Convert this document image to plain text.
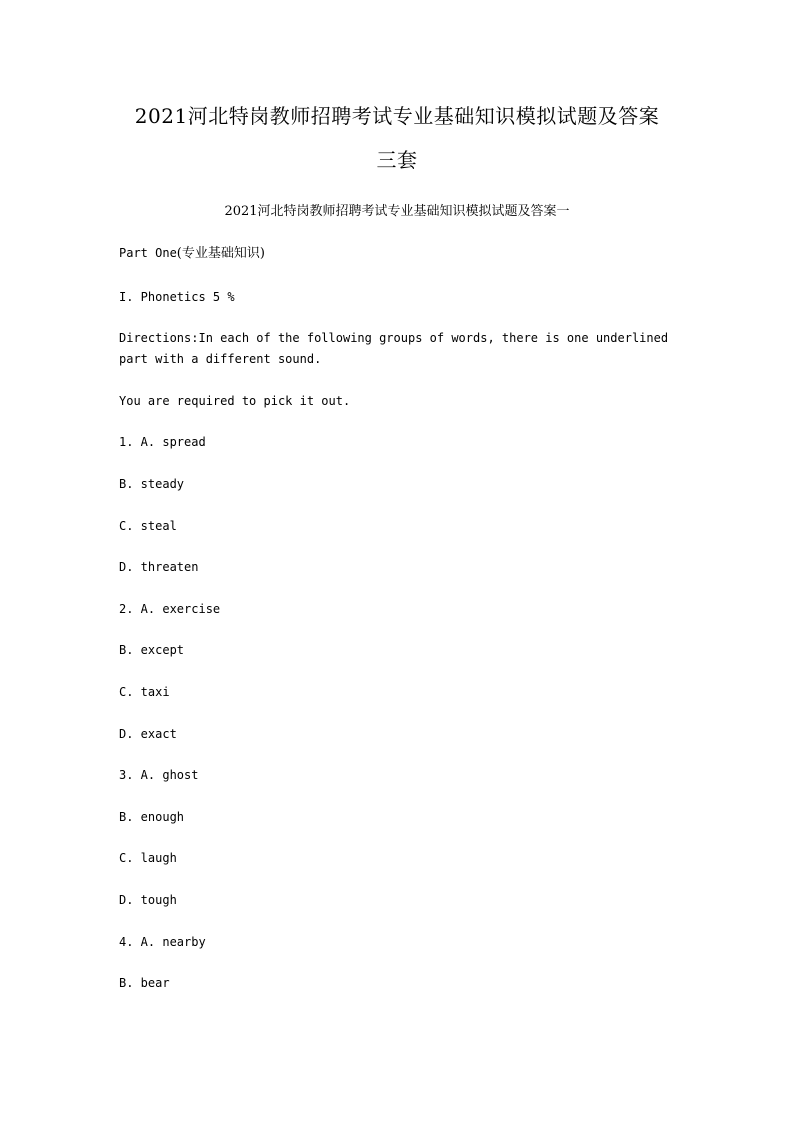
2021河北特岗教师招聘考试专业基础知识模拟试题及答案
三套
2021河北特岗教师招聘考试专业基础知识模拟试题及答案一
Part One(专业基础知识)
I. Phonetics 5 %
Directions:In each of the following groups of words, there is one underlined
part with a different sound.
You are required to pick it out.
1. A. spread
B. steady
C. steal
D. threaten
2. A. exercise
B. except
C. taxi
D. exact
3. A. ghost
B. enough
C. laugh
D. tough
4. A. nearby
B. bear
